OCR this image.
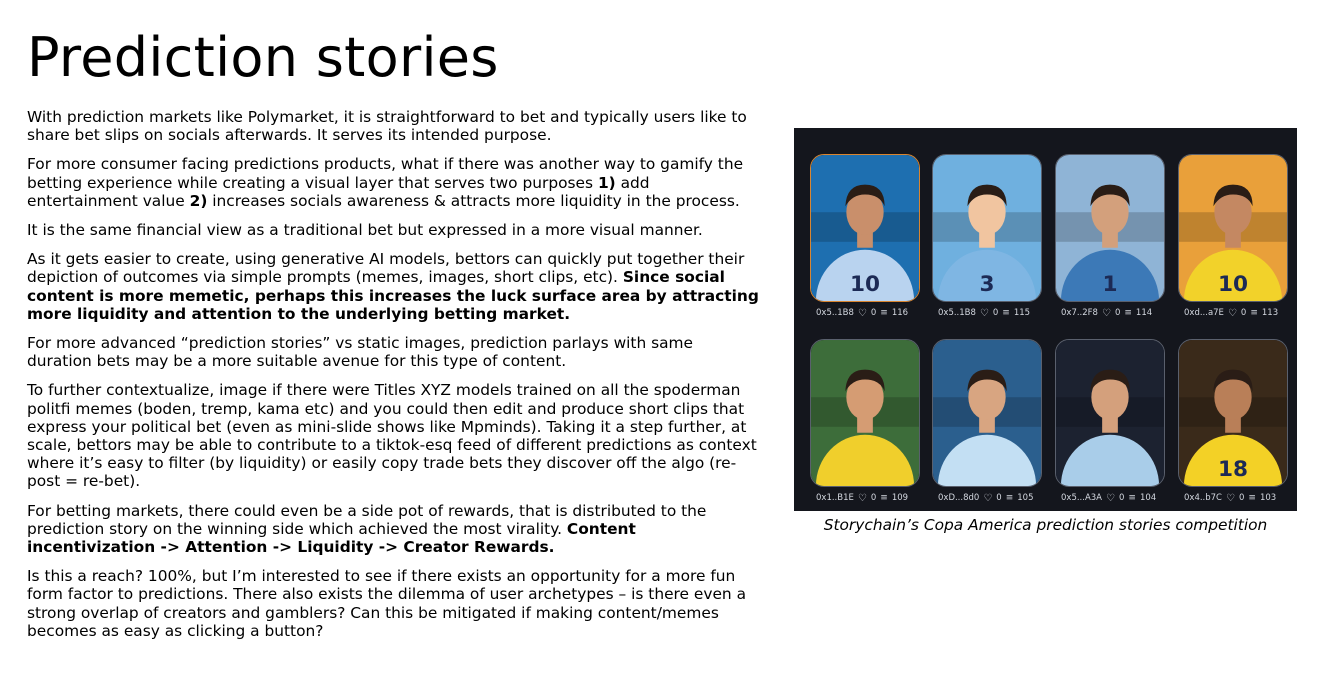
Prediction stories

With prediction markets like Polymarket, it is straightforward to bet and typically users like to share bet slips on socials afterwards. It serves its intended purpose.

For more consumer facing predictions products, what if there was another way to gamify the betting experience while creating a visual layer that serves two purposes 1) add entertainment value 2) increases socials awareness & attracts more liquidity in the process.

It is the same financial view as a traditional bet but expressed in a more visual manner.

As it gets easier to create, using generative AI models, bettors can quickly put together their depiction of outcomes via simple prompts (memes, images, short clips, etc). Since social content is more memetic, perhaps this increases the luck surface area by attracting more liquidity and attention to the underlying betting market.

For more advanced “prediction stories” vs static images, prediction parlays with same duration bets may be a more suitable avenue for this type of content.

To further contextualize, image if there were Titles XYZ models trained on all the spoderman politfi memes (boden, tremp, kama etc) and you could then edit and produce short clips that express your political bet (even as mini-slide shows like Mpminds). Taking it a step further, at scale, bettors may be able to contribute to a tiktok-esq feed of different predictions as context where it’s easy to filter (by liquidity) or easily copy trade bets they discover off the algo (re-post = re-bet).

For betting markets, there could even be a side pot of rewards, that is distributed to the prediction story on the winning side which achieved the most virality. Content incentivization -> Attention -> Liquidity -> Creator Rewards.

Is this a reach? 100%, but I’m interested to see if there exists an opportunity for a more fun form factor to predictions. There also exists the dilemma of user archetypes – is there even a strong overlap of creators and gamblers? Can this be mitigated if making content/memes becomes as easy as clicking a button?

10
0x5..1B8 ♡ 0 ≡ 116
3
0x5..1B8 ♡ 0 ≡ 115
1
0x7..2F8 ♡ 0 ≡ 114
10
0xd...a7E ♡ 0 ≡ 113
0x1..B1E ♡ 0 ≡ 109	0xD...8d0 ♡ 0 ≡ 105	0x5...A3A ♡ 0 ≡ 104
18
0x4..b7C ♡ 0 ≡ 103
Storychain’s Copa America prediction stories competition
